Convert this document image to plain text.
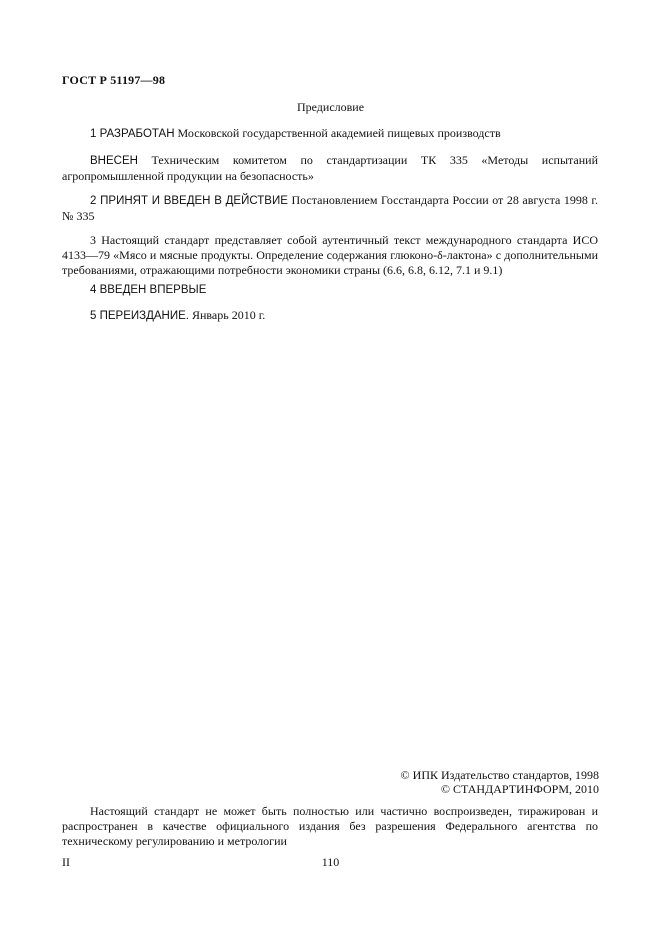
ГОСТ Р 51197—98
Предисловие

1 РАЗРАБОТАН Московской государственной академией пищевых производств

ВНЕСЕН Техническим комитетом по стандартизации ТК 335 «Методы испытаний агропромышленной продукции на безопасность»

2 ПРИНЯТ И ВВЕДЕН В ДЕЙСТВИЕ Постановлением Госстандарта России от 28 августа 1998 г. № 335

3 Настоящий стандарт представляет собой аутентичный текст международного стандарта ИСО 4133—79 «Мясо и мясные продукты. Определение содержания глюконо-δ-лактона» с дополнительными требованиями, отражающими потребности экономики страны (6.6, 6.8, 6.12, 7.1 и 9.1)

4 ВВЕДЕН ВПЕРВЫЕ

5 ПЕРЕИЗДАНИЕ. Январь 2010 г.

© ИПК Издательство стандартов, 1998
© СТАНДАРТИНФОРМ, 2010

Настоящий стандарт не может быть полностью или частично воспроизведен, тиражирован и распространен в качестве официального издания без разрешения Федерального агентства по техническому регулированию и метрологии

II	110
